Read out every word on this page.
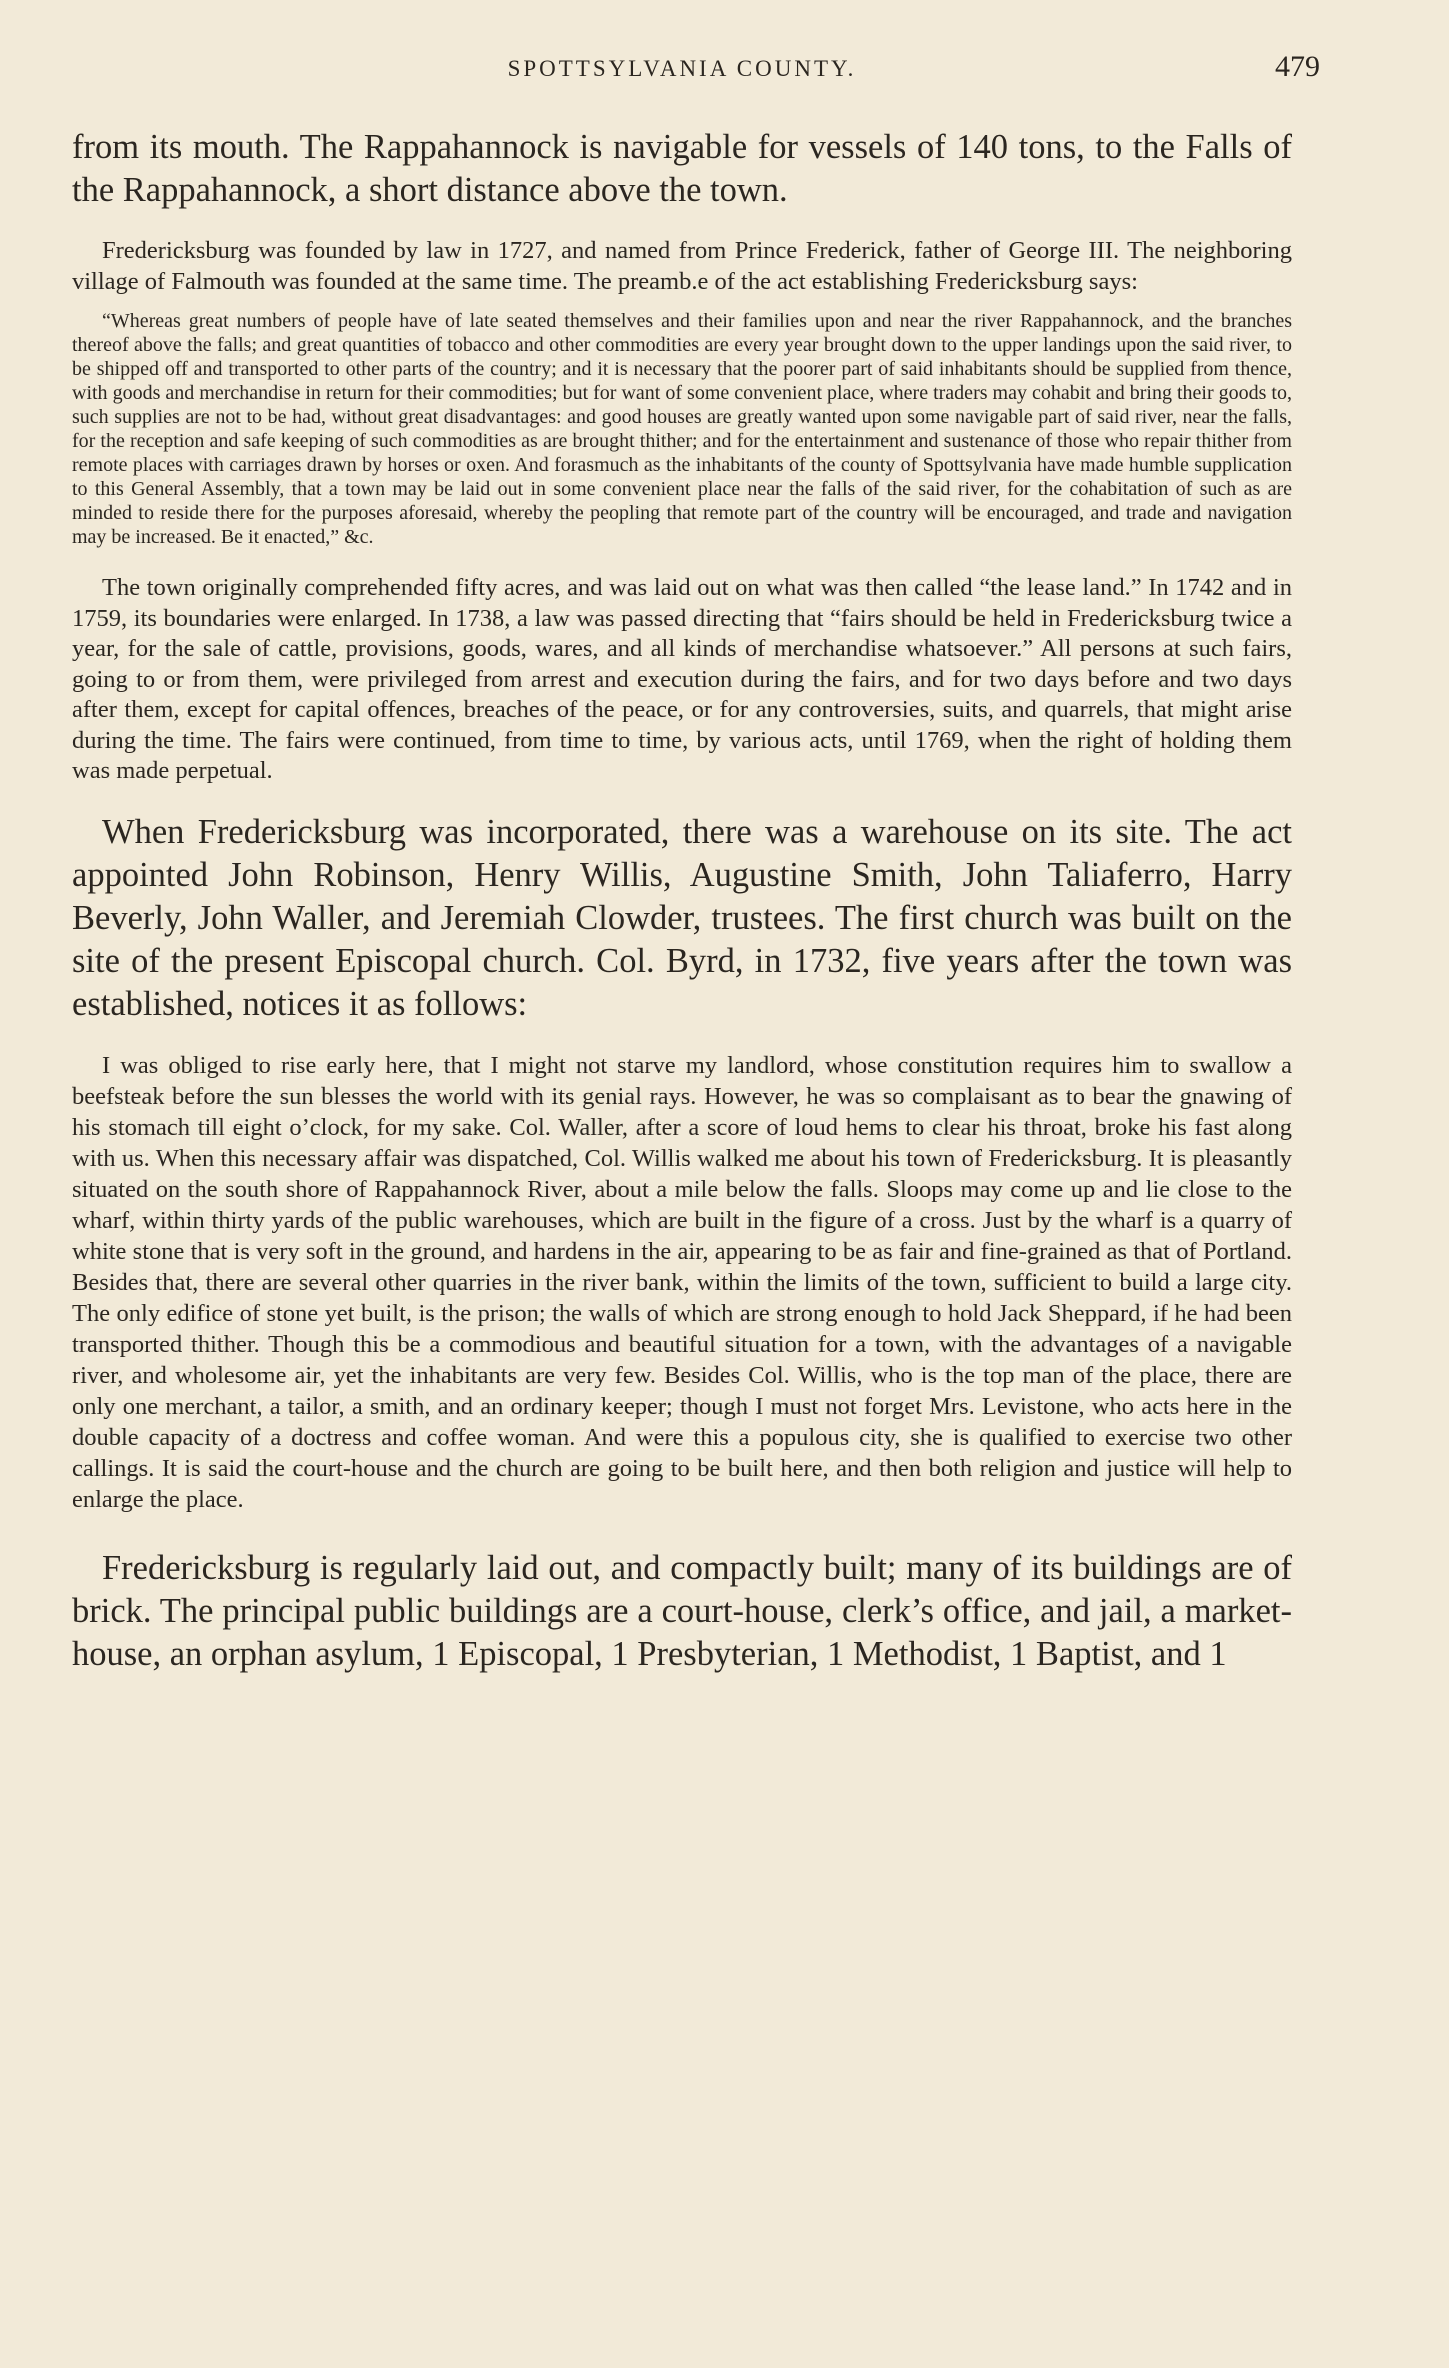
SPOTTSYLVANIA COUNTY.	479

from its mouth. The Rappahannock is navigable for vessels of 140 tons, to the Falls of the Rappahannock, a short distance above the town.

Fredericksburg was founded by law in 1727, and named from Prince Frederick, father of George III. The neighboring village of Falmouth was founded at the same time. The preamb.e of the act establishing Fredericksburg says:

“Whereas great numbers of people have of late seated themselves and their families upon and near the river Rappahannock, and the branches thereof above the falls; and great quantities of tobacco and other commodities are every year brought down to the upper landings upon the said river, to be shipped off and transported to other parts of the country; and it is necessary that the poorer part of said inhabitants should be supplied from thence, with goods and merchandise in return for their commodities; but for want of some convenient place, where traders may cohabit and bring their goods to, such supplies are not to be had, without great disadvantages: and good houses are greatly wanted upon some navigable part of said river, near the falls, for the reception and safe keeping of such commodities as are brought thither; and for the entertainment and sustenance of those who repair thither from remote places with carriages drawn by horses or oxen. And forasmuch as the inhabitants of the county of Spottsylvania have made humble supplication to this General Assembly, that a town may be laid out in some convenient place near the falls of the said river, for the cohabitation of such as are minded to reside there for the purposes aforesaid, whereby the peopling that remote part of the country will be encouraged, and trade and navigation may be increased. Be it enacted,” &c.

The town originally comprehended fifty acres, and was laid out on what was then called “the lease land.” In 1742 and in 1759, its boundaries were enlarged. In 1738, a law was passed directing that “fairs should be held in Fredericksburg twice a year, for the sale of cattle, provisions, goods, wares, and all kinds of merchandise whatsoever.” All persons at such fairs, going to or from them, were privileged from arrest and execution during the fairs, and for two days before and two days after them, except for capital offences, breaches of the peace, or for any controversies, suits, and quarrels, that might arise during the time. The fairs were continued, from time to time, by various acts, until 1769, when the right of holding them was made perpetual.

When Fredericksburg was incorporated, there was a warehouse on its site. The act appointed John Robinson, Henry Willis, Augustine Smith, John Taliaferro, Harry Beverly, John Waller, and Jeremiah Clowder, trustees. The first church was built on the site of the present Episcopal church. Col. Byrd, in 1732, five years after the town was established, notices it as follows:

I was obliged to rise early here, that I might not starve my landlord, whose constitution requires him to swallow a beefsteak before the sun blesses the world with its genial rays. However, he was so complaisant as to bear the gnawing of his stomach till eight o’clock, for my sake. Col. Waller, after a score of loud hems to clear his throat, broke his fast along with us. When this necessary affair was dispatched, Col. Willis walked me about his town of Fredericksburg. It is pleasantly situated on the south shore of Rappahannock River, about a mile below the falls. Sloops may come up and lie close to the wharf, within thirty yards of the public warehouses, which are built in the figure of a cross. Just by the wharf is a quarry of white stone that is very soft in the ground, and hardens in the air, appearing to be as fair and fine-grained as that of Portland. Besides that, there are several other quarries in the river bank, within the limits of the town, sufficient to build a large city. The only edifice of stone yet built, is the prison; the walls of which are strong enough to hold Jack Sheppard, if he had been transported thither. Though this be a commodious and beautiful situation for a town, with the advantages of a navigable river, and wholesome air, yet the inhabitants are very few. Besides Col. Willis, who is the top man of the place, there are only one merchant, a tailor, a smith, and an ordinary keeper; though I must not forget Mrs. Levistone, who acts here in the double capacity of a doctress and coffee woman. And were this a populous city, she is qualified to exercise two other callings. It is said the court-house and the church are going to be built here, and then both religion and justice will help to enlarge the place.

Fredericksburg is regularly laid out, and compactly built; many of its buildings are of brick. The principal public buildings are a court-house, clerk’s office, and jail, a market-house, an orphan asylum, 1 Episcopal, 1 Presbyterian, 1 Methodist, 1 Baptist, and 1
